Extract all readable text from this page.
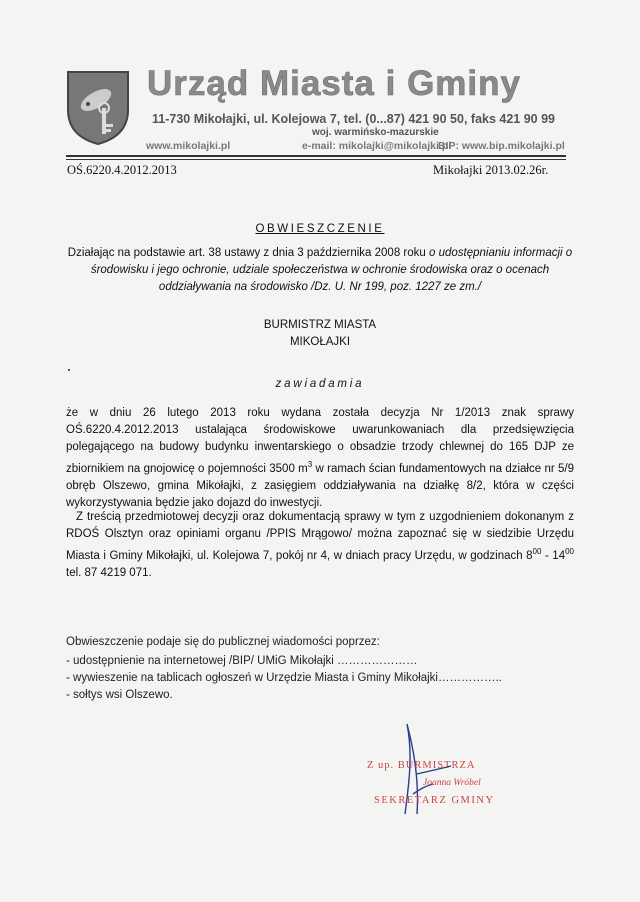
Urząd Miasta i Gminy
11-730 Mikołajki, ul. Kolejowa 7, tel. (0...87) 421 90 50, faks 421 90 99
woj. warmińsko-mazurskie
www.mikolajki.pl	e-mail: mikolajki@mikolajki.pl
BIP: www.bip.mikolajki.pl
OŚ.6220.4.2012.2013	Mikołajki 2013.02.26r.
OBWIESZCZENIE
Działając na podstawie art. 38 ustawy z dnia 3 października 2008 roku o udostępnianiu informacji o środowisku i jego ochronie, udziale społeczeństwa w ochronie środowiska oraz o ocenach oddziaływania na środowisko /Dz. U. Nr 199, poz. 1227 ze zm./
BURMISTRZ MIASTA
MIKOŁAJKI
zawiadamia
że w dniu 26 lutego 2013 roku wydana została decyzja Nr 1/2013 znak sprawy OŚ.6220.4.2012.2013 ustalająca środowiskowe uwarunkowaniach dla przedsięwzięcia polegającego na budowy budynku inwentarskiego o obsadzie trzody chlewnej do 165 DJP ze zbiornikiem na gnojowicę o pojemności 3500 $m^3$ w ramach ścian fundamentowych na działce nr 5/9 obręb Olszewo, gmina Mikołajki, z zasięgiem oddziaływania na działkę 8/2, która w części wykorzystywania będzie jako dojazd do inwestycji.
Z treścią przedmiotowej decyzji oraz dokumentacją sprawy w tym z uzgodnieniem dokonanym z RDOŚ Olsztyn oraz opiniami organu /PPIS Mrągowo/ można zapoznać się w siedzibie Urzędu Miasta i Gminy Mikołajki, ul. Kolejowa 7, pokój nr 4, w dniach pracy Urzędu, w godzinach $8^{00} - 14^{00}$ tel. 87 4219 071.
Obwieszczenie podaje się do publicznej wiadomości poprzez:
- udostępnienie na internetowej /BIP/ UMiG Mikołajki …………………
- wywieszenie na tablicach ogłoszeń w Urzędzie Miasta i Gminy Mikołajki……………..
- sołtys wsi Olszewo.
Z up. BURMISTRZA
Joanna Wróbel
SEKRETARZ GMINY
